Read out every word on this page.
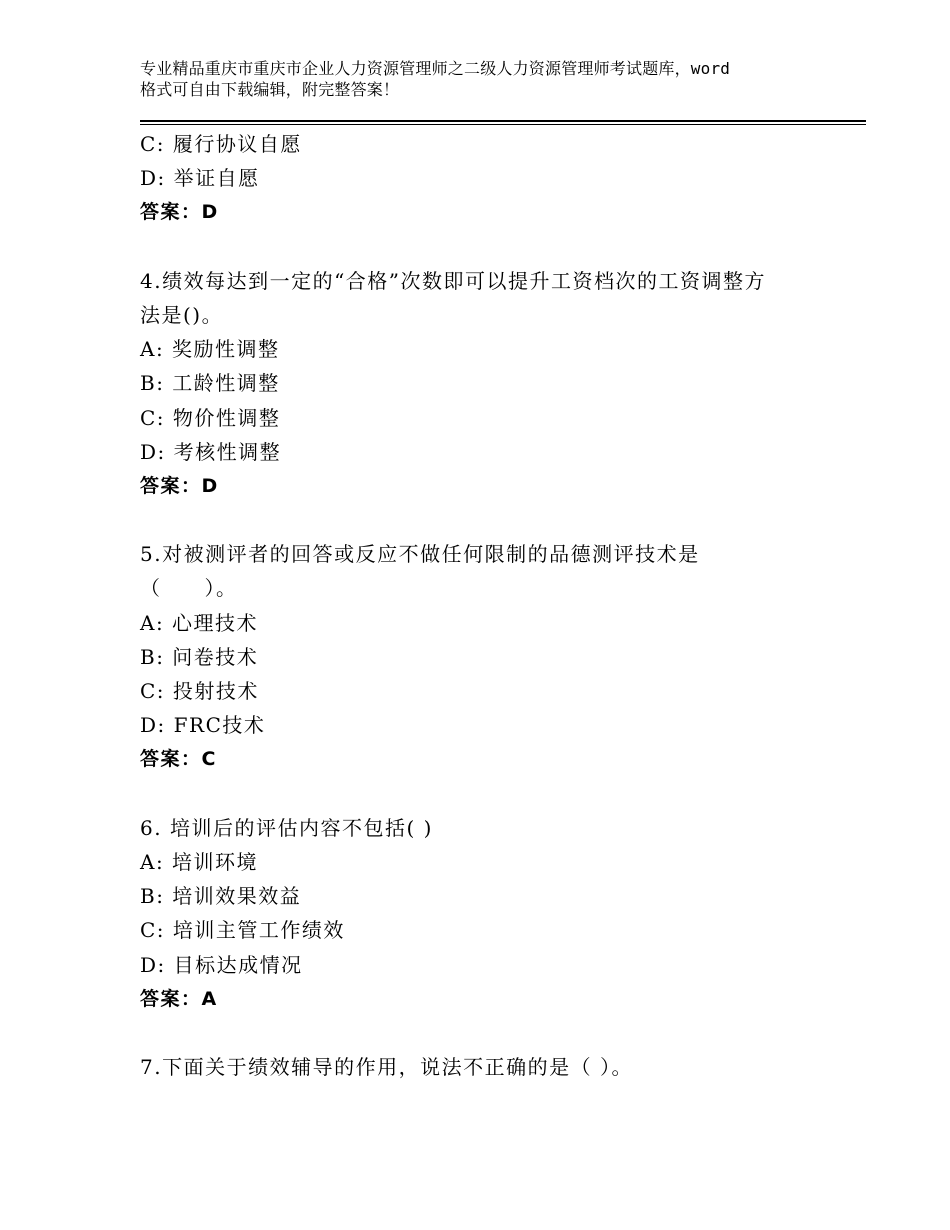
专业精品重庆市重庆市企业人力资源管理师之二级人力资源管理师考试题库，word
格式可自由下载编辑，附完整答案！
C: 履行协议自愿
D: 举证自愿
答案：D
4.绩效每达到一定的“合格”次数即可以提升工资档次的工资调整方
法是()。
A: 奖励性调整
B: 工龄性调整
C: 物价性调整
D: 考核性调整
答案：D
5.对被测评者的回答或反应不做任何限制的品德测评技术是
（　　）。
A: 心理技术
B: 问卷技术
C: 投射技术
D: FRC技术
答案：C
6. 培训后的评估内容不包括( )
A: 培训环境
B: 培训效果效益
C: 培训主管工作绩效
D: 目标达成情况
答案：A
7.下面关于绩效辅导的作用，说法不正确的是（ ）。
